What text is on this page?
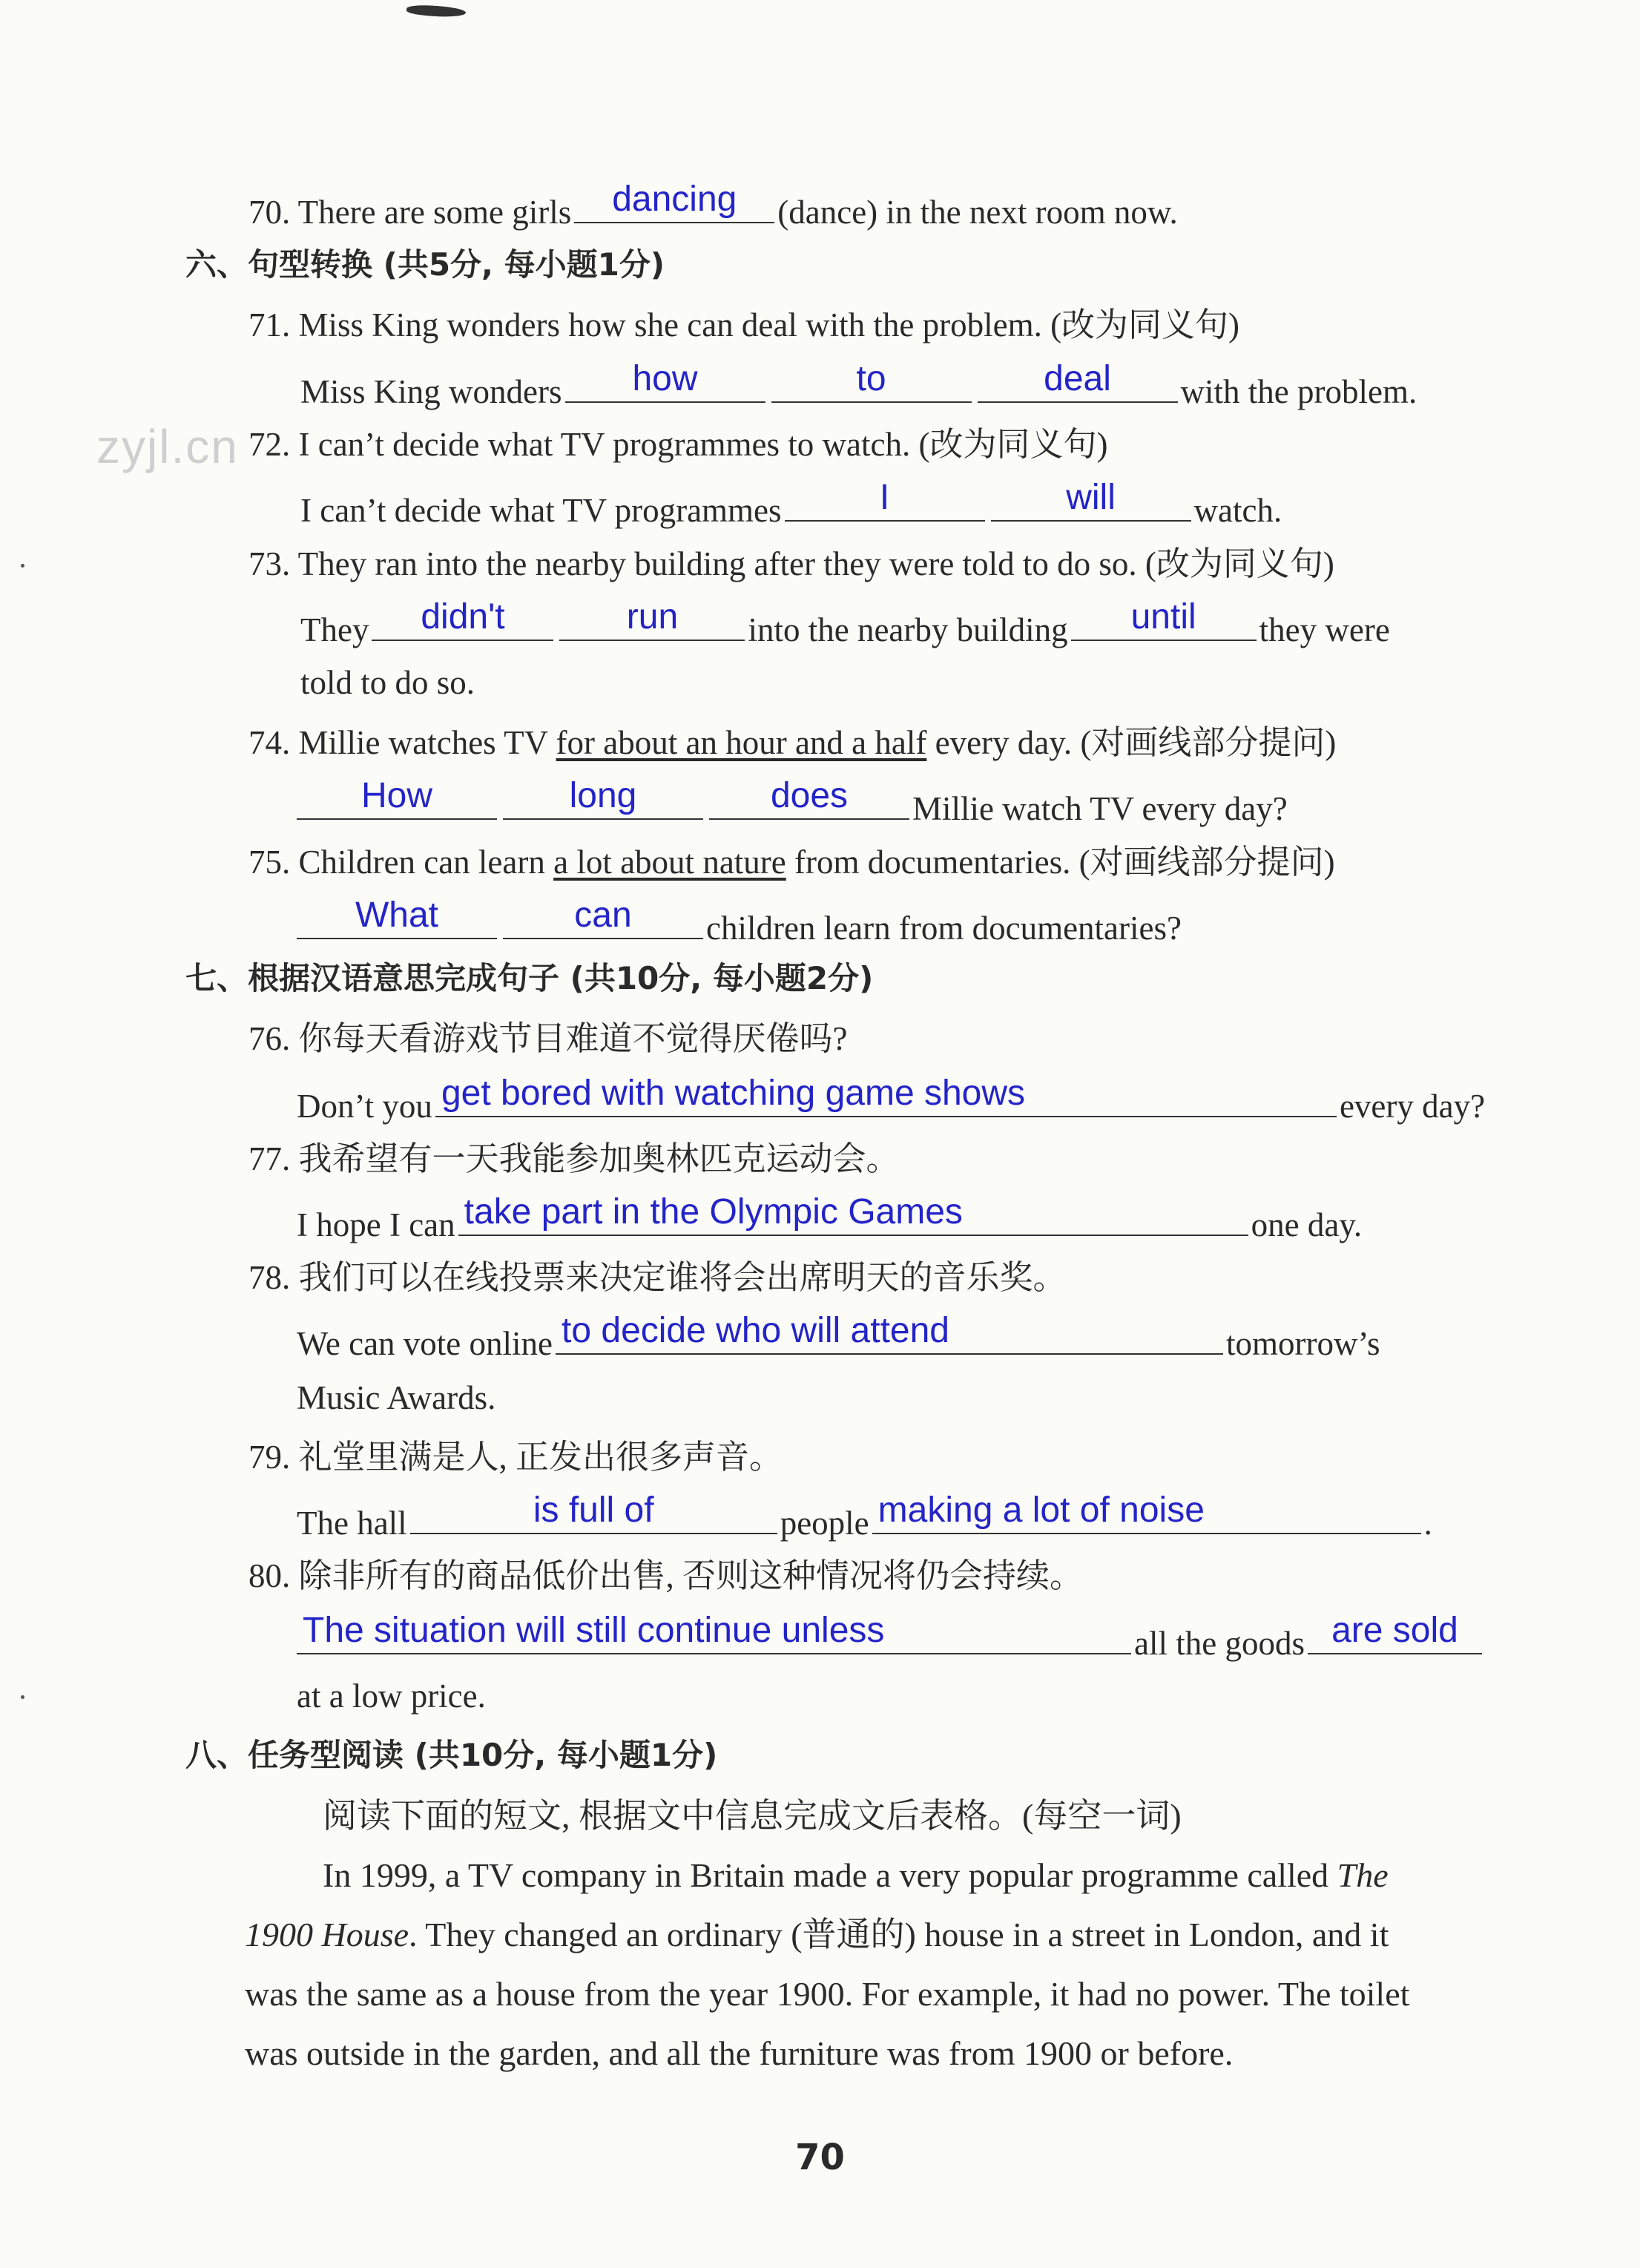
zyjl.cn
70. There are some girls	dancing	(dance) in the next room now.
六、句型转换 (共5分, 每小题1分)
71. Miss King wonders how she can deal with the problem. (改为同义句)
Miss King wonders	how	to	deal	with the problem.
72. I can’t decide what TV programmes to watch. (改为同义句)
I can’t decide what TV programmes	I	will	watch.
73. They ran into the nearby building after they were told to do so. (改为同义句)
They	didn't	run	into the nearby building	until	they were
told to do so.
74. Millie watches TV for about an hour and a half every day. (对画线部分提问)
How	long	does	Millie watch TV every day?
75. Children can learn a lot about nature from documentaries. (对画线部分提问)
What	can	children learn from documentaries?
七、根据汉语意思完成句子 (共10分, 每小题2分)
76. 你每天看游戏节目难道不觉得厌倦吗?
Don’t you get bored with watching game shows	every day?
77. 我希望有一天我能参加奥林匹克运动会。
I hope I can take part in the Olympic Games	one day.
78. 我们可以在线投票来决定谁将会出席明天的音乐奖。
We can vote online to decide who will attend	tomorrow’s
Music Awards.
79. 礼堂里满是人, 正发出很多声音。
The hall	is full of	people making a lot of noise	.
80. 除非所有的商品低价出售, 否则这种情况将仍会持续。
The situation will still continue unless	all the goods are sold
at a low price.
八、任务型阅读 (共10分, 每小题1分)
阅读下面的短文, 根据文中信息完成文后表格。(每空一词)
In 1999, a TV company in Britain made a very popular programme called The
1900 House. They changed an ordinary (普通的) house in a street in London, and it
was the same as a house from the year 1900. For example, it had no power. The toilet
was outside in the garden, and all the furniture was from 1900 or before.
70
